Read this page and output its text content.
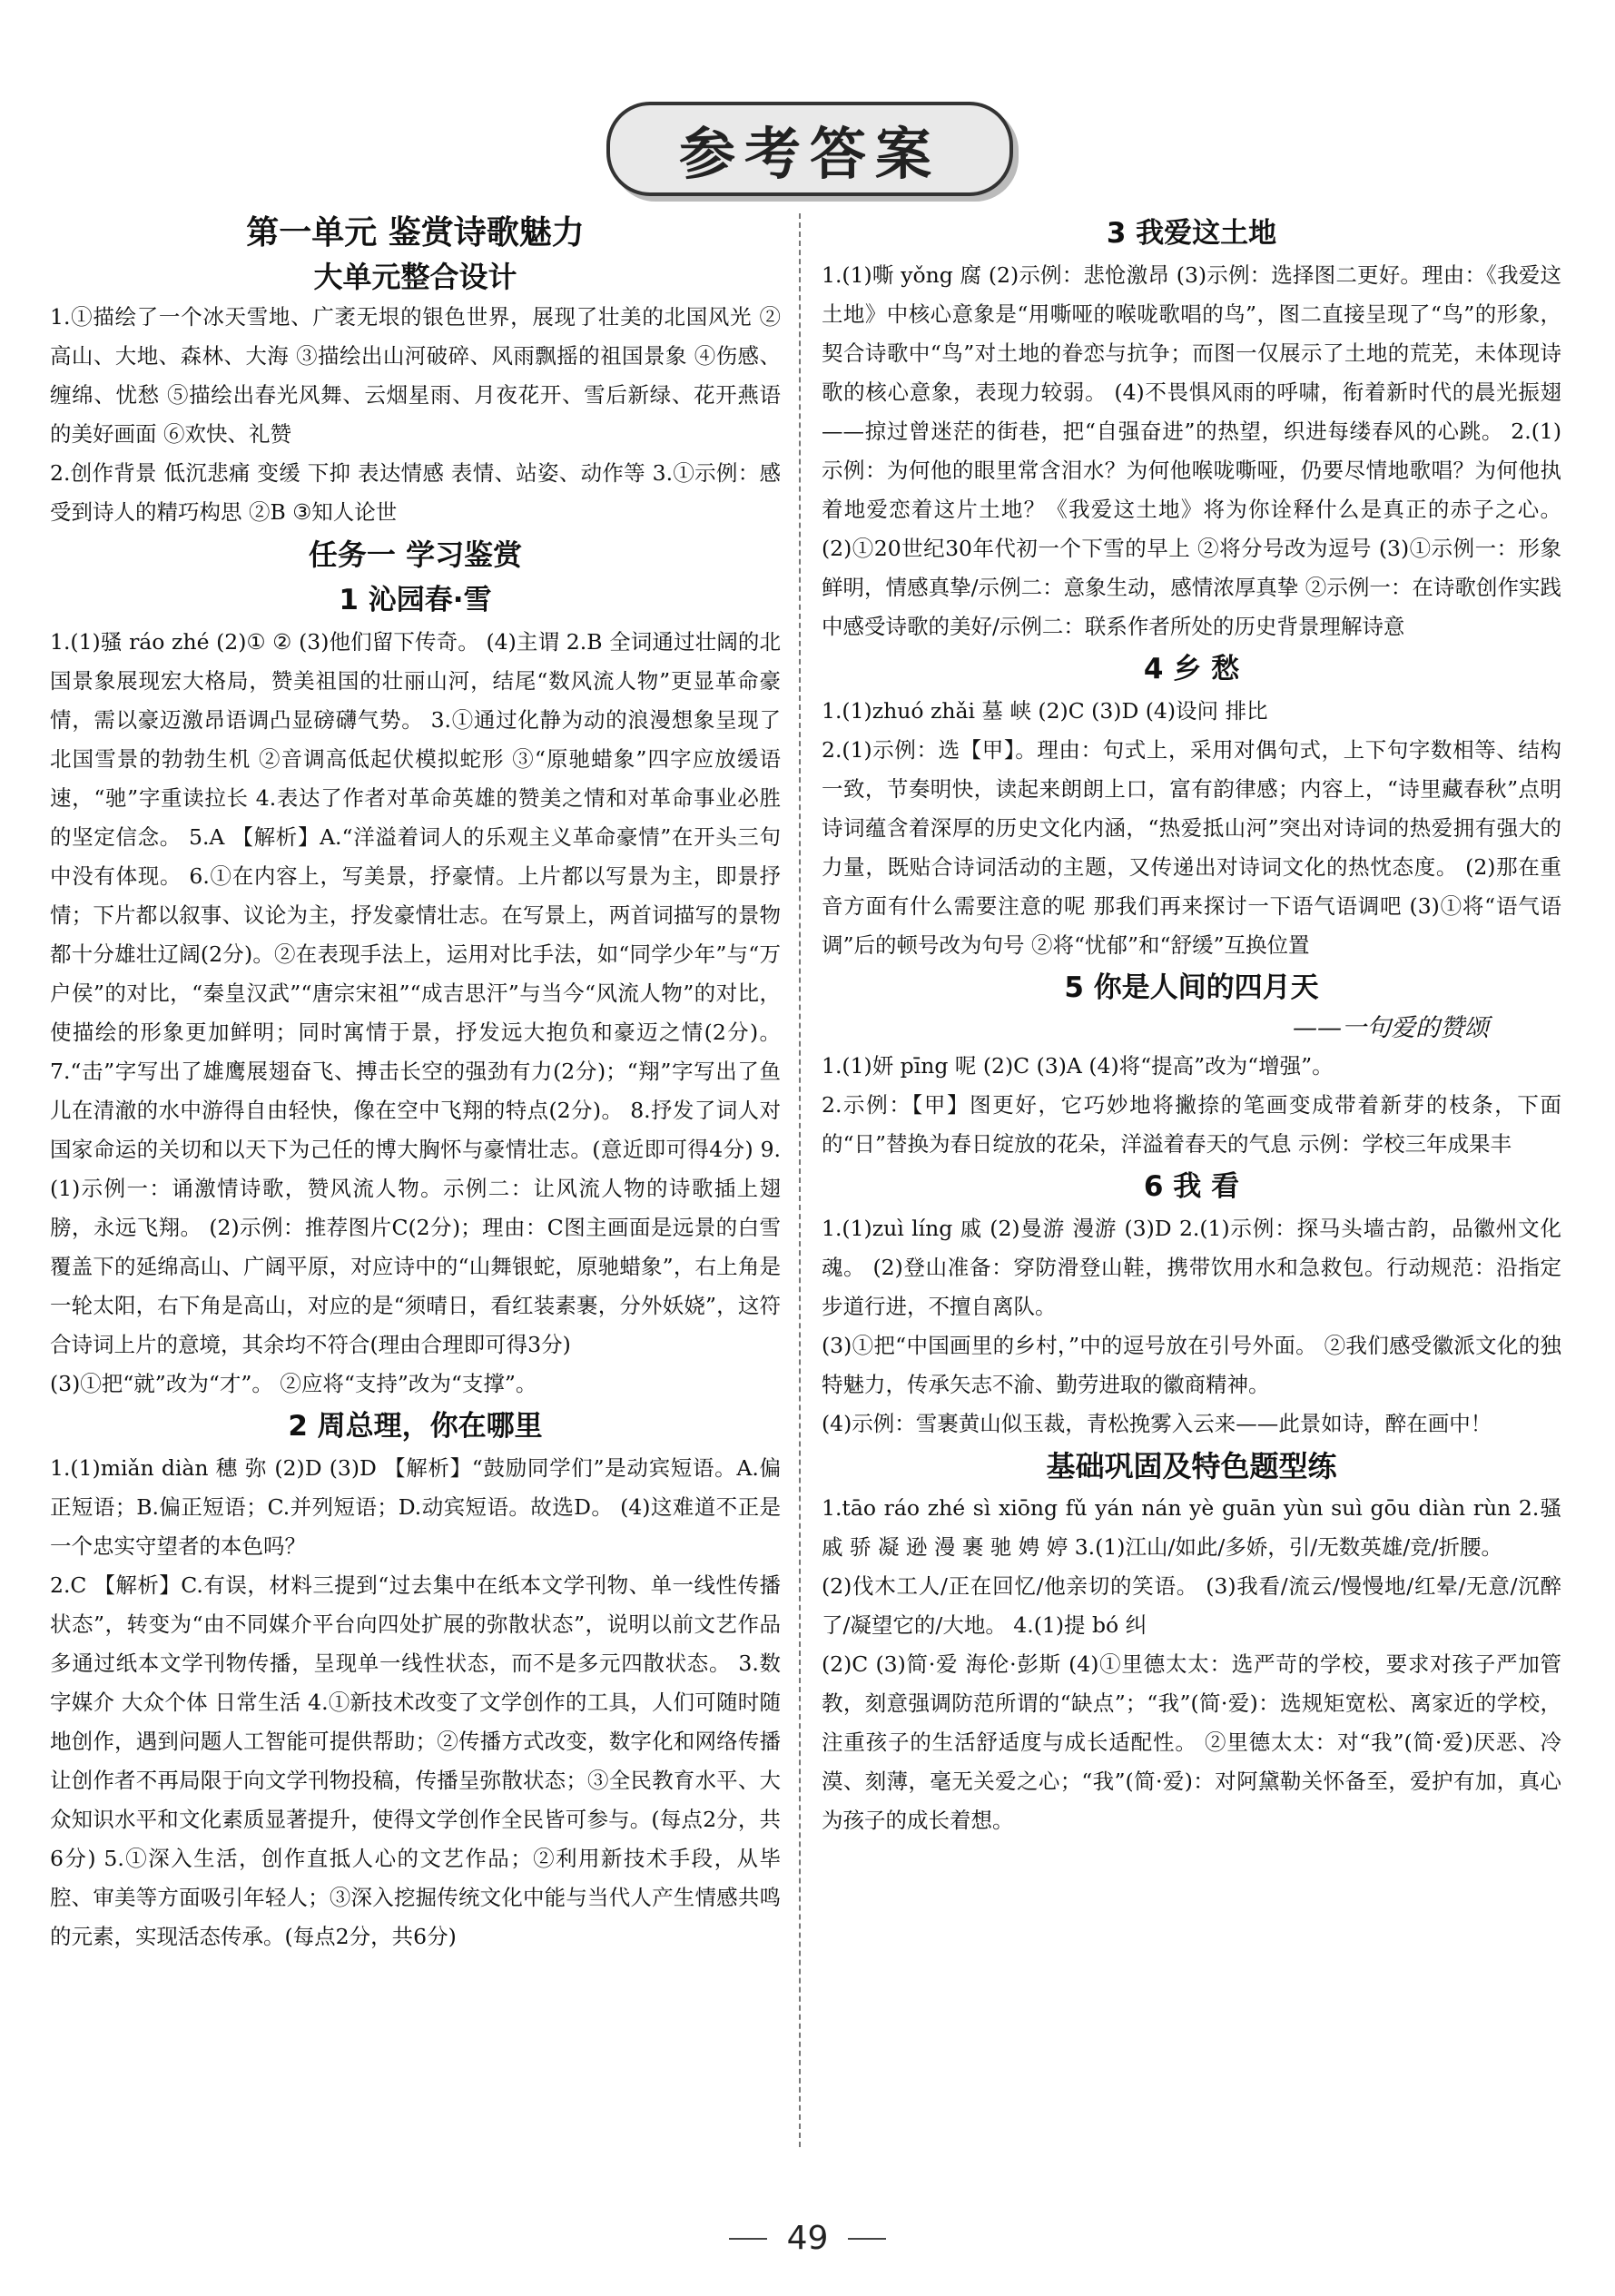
参考答案
第一单元 鉴赏诗歌魅力
大单元整合设计

1.①描绘了一个冰天雪地、广袤无垠的银色世界，展现了壮美的北国风光 ②高山、大地、森林、大海 ③描绘出山河破碎、风雨飘摇的祖国景象 ④伤感、缠绵、忧愁 ⑤描绘出春光风舞、云烟星雨、月夜花开、雪后新绿、花开燕语的美好画面 ⑥欢快、礼赞

2.创作背景 低沉悲痛 变缓 下抑 表达情感 表情、站姿、动作等 3.①示例：感受到诗人的精巧构思 ②B ③知人论世

任务一 学习鉴赏
1 沁园春·雪

1.(1)骚 ráo zhé (2)① ② (3)他们留下传奇。 (4)主谓 2.B 全词通过壮阔的北国景象展现宏大格局，赞美祖国的壮丽山河，结尾“数风流人物”更显革命豪情，需以豪迈激昂语调凸显磅礴气势。 3.①通过化静为动的浪漫想象呈现了北国雪景的勃勃生机 ②音调高低起伏模拟蛇形 ③“原驰蜡象”四字应放缓语速，“驰”字重读拉长 4.表达了作者对革命英雄的赞美之情和对革命事业必胜的坚定信念。 5.A 【解析】A.“洋溢着词人的乐观主义革命豪情”在开头三句中没有体现。 6.①在内容上，写美景，抒豪情。上片都以写景为主，即景抒情；下片都以叙事、议论为主，抒发豪情壮志。在写景上，两首词描写的景物都十分雄壮辽阔(2分)。②在表现手法上，运用对比手法，如“同学少年”与“万户侯”的对比，“秦皇汉武”“唐宗宋祖”“成吉思汗”与当今“风流人物”的对比，使描绘的形象更加鲜明；同时寓情于景，抒发远大抱负和豪迈之情(2分)。 7.“击”字写出了雄鹰展翅奋飞、搏击长空的强劲有力(2分)；“翔”字写出了鱼儿在清澈的水中游得自由轻快，像在空中飞翔的特点(2分)。 8.抒发了词人对国家命运的关切和以天下为己任的博大胸怀与豪情壮志。(意近即可得4分) 9.(1)示例一：诵激情诗歌，赞风流人物。示例二：让风流人物的诗歌插上翅膀，永远飞翔。 (2)示例：推荐图片C(2分)；理由：C图主画面是远景的白雪覆盖下的延绵高山、广阔平原，对应诗中的“山舞银蛇，原驰蜡象”，右上角是一轮太阳，右下角是高山，对应的是“须晴日，看红装素裹，分外妖娆”，这符合诗词上片的意境，其余均不符合(理由合理即可得3分)

(3)①把“就”改为“才”。 ②应将“支持”改为“支撑”。

2 周总理，你在哪里

1.(1)miǎn diàn 穗 弥 (2)D (3)D 【解析】“鼓励同学们”是动宾短语。A.偏正短语；B.偏正短语；C.并列短语；D.动宾短语。故选D。 (4)这难道不正是一个忠实守望者的本色吗？

2.C 【解析】C.有误，材料三提到“过去集中在纸本文学刊物、单一线性传播状态”，转变为“由不同媒介平台向四处扩展的弥散状态”，说明以前文艺作品多通过纸本文学刊物传播，呈现单一线性状态，而不是多元四散状态。 3.数字媒介 大众个体 日常生活 4.①新技术改变了文学创作的工具，人们可随时随地创作，遇到问题人工智能可提供帮助；②传播方式改变，数字化和网络传播让创作者不再局限于向文学刊物投稿，传播呈弥散状态；③全民教育水平、大众知识水平和文化素质显著提升，使得文学创作全民皆可参与。(每点2分，共6分) 5.①深入生活，创作直抵人心的文艺作品；②利用新技术手段，从毕腔、审美等方面吸引年轻人；③深入挖掘传统文化中能与当代人产生情感共鸣的元素，实现活态传承。(每点2分，共6分)

3 我爱这土地

1.(1)嘶 yǒng 腐 (2)示例：悲怆激昂 (3)示例：选择图二更好。理由：《我爱这土地》中核心意象是“用嘶哑的喉咙歌唱的鸟”，图二直接呈现了“鸟”的形象，契合诗歌中“鸟”对土地的眷恋与抗争；而图一仅展示了土地的荒芜，未体现诗歌的核心意象，表现力较弱。 (4)不畏惧风雨的呼啸，衔着新时代的晨光振翅——掠过曾迷茫的街巷，把“自强奋进”的热望，织进每缕春风的心跳。 2.(1)示例：为何他的眼里常含泪水？为何他喉咙嘶哑，仍要尽情地歌唱？为何他执着地爱恋着这片土地？《我爱这土地》将为你诠释什么是真正的赤子之心。 (2)①20世纪30年代初一个下雪的早上 ②将分号改为逗号 (3)①示例一：形象鲜明，情感真挚/示例二：意象生动，感情浓厚真挚 ②示例一：在诗歌创作实践中感受诗歌的美好/示例二：联系作者所处的历史背景理解诗意

4 乡 愁

1.(1)zhuó zhǎi 墓 峡 (2)C (3)D (4)设问 排比

2.(1)示例：选【甲】。理由：句式上，采用对偶句式，上下句字数相等、结构一致，节奏明快，读起来朗朗上口，富有韵律感；内容上，“诗里藏春秋”点明诗词蕴含着深厚的历史文化内涵，“热爱抵山河”突出对诗词的热爱拥有强大的力量，既贴合诗词活动的主题，又传递出对诗词文化的热忱态度。 (2)那在重音方面有什么需要注意的呢 那我们再来探讨一下语气语调吧 (3)①将“语气语调”后的顿号改为句号 ②将“忧郁”和“舒缓”互换位置

5 你是人间的四月天

——一句爱的赞颂

1.(1)妍 pīng 呢 (2)C (3)A (4)将“提高”改为“增强”。

2.示例：【甲】图更好，它巧妙地将撇捺的笔画变成带着新芽的枝条，下面的“日”替换为春日绽放的花朵，洋溢着春天的气息 示例：学校三年成果丰

6 我 看

1.(1)zuì líng 戚 (2)曼游 漫游 (3)D 2.(1)示例：探马头墙古韵，品徽州文化魂。 (2)登山准备：穿防滑登山鞋，携带饮用水和急救包。行动规范：沿指定步道行进，不擅自离队。

(3)①把“中国画里的乡村，”中的逗号放在引号外面。 ②我们感受徽派文化的独特魅力，传承矢志不渝、勤劳进取的徽商精神。

(4)示例：雪裹黄山似玉裁，青松挽雾入云来——此景如诗，醉在画中！

基础巩固及特色题型练

1.tāo ráo zhé sì xiōng fǔ yán nán yè guān yùn suì gōu diàn rùn 2.骚 戚 骄 凝 逊 漫 裹 驰 娉 婷 3.(1)江山/如此/多娇，引/无数英雄/竞/折腰。

(2)伐木工人/正在回忆/他亲切的笑语。 (3)我看/流云/慢慢地/红晕/无意/沉醉了/凝望它的/大地。 4.(1)提 bó 纠

(2)C (3)简·爱 海伦·彭斯 (4)①里德太太：选严苛的学校，要求对孩子严加管教，刻意强调防范所谓的“缺点”；“我”(简·爱)：选规矩宽松、离家近的学校，注重孩子的生活舒适度与成长适配性。 ②里德太太：对“我”(简·爱)厌恶、冷漠、刻薄，毫无关爱之心；“我”(简·爱)：对阿黛勒关怀备至，爱护有加，真心为孩子的成长着想。

49
